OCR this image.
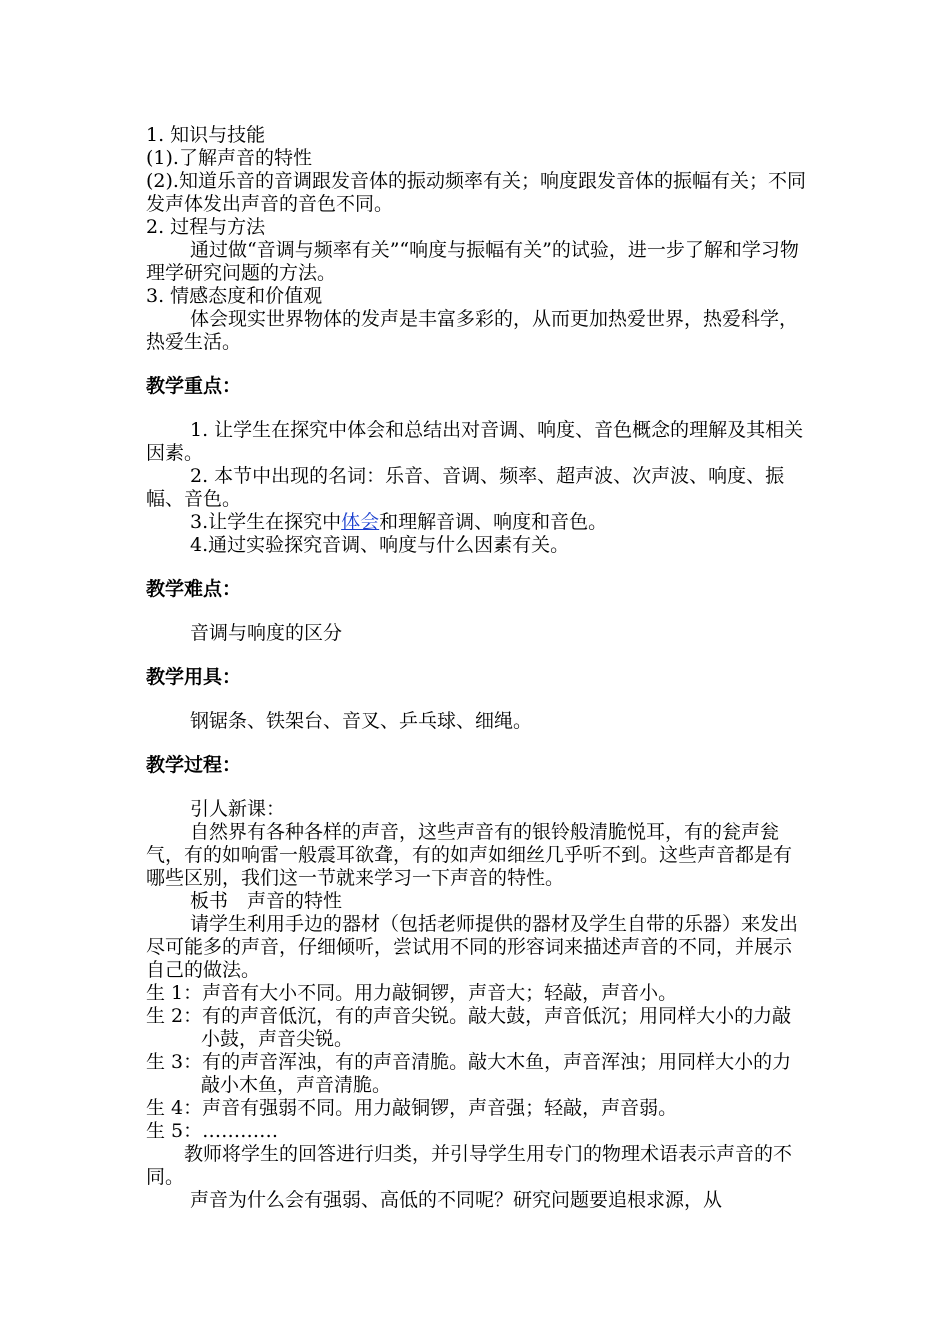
1. 知识与技能

(1).了解声音的特性

(2).知道乐音的音调跟发音体的振动频率有关；响度跟发音体的振幅有关；不同发声体发出声音的音色不同。

2. 过程与方法

通过做“音调与频率有关”“响度与振幅有关”的试验，进一步了解和学习物理学研究问题的方法。

3. 情感态度和价值观

体会现实世界物体的发声是丰富多彩的，从而更加热爱世界，热爱科学，热爱生活。

教学重点：

1. 让学生在探究中体会和总结出对音调、响度、音色概念的理解及其相关因素。

2. 本节中出现的名词：乐音、音调、频率、超声波、次声波、响度、振幅、音色。

3.让学生在探究中体会和理解音调、响度和音色。

4.通过实验探究音调、响度与什么因素有关。

教学难点：

音调与响度的区分

教学用具：

钢锯条、铁架台、音叉、乒乓球、细绳。

教学过程：

引人新课：

自然界有各种各样的声音，这些声音有的银铃般清脆悦耳，有的瓮声瓮气，有的如响雷一般震耳欲聋，有的如声如细丝几乎听不到。这些声音都是有哪些区别，我们这一节就来学习一下声音的特性。

板书　声音的特性

请学生利用手边的器材（包括老师提供的器材及学生自带的乐器）来发出尽可能多的声音，仔细倾听，尝试用不同的形容词来描述声音的不同，并展示自己的做法。

生 1：声音有大小不同。用力敲铜锣，声音大；轻敲，声音小。

生 2：有的声音低沉，有的声音尖锐。敲大鼓，声音低沉；用同样大小的力敲小鼓，声音尖锐。

生 3：有的声音浑浊，有的声音清脆。敲大木鱼，声音浑浊；用同样大小的力敲小木鱼，声音清脆。

生 4：声音有强弱不同。用力敲铜锣，声音强；轻敲，声音弱。

生 5：…………

教师将学生的回答进行归类，并引导学生用专门的物理术语表示声音的不同。

声音为什么会有强弱、高低的不同呢？研究问题要追根求源，从
